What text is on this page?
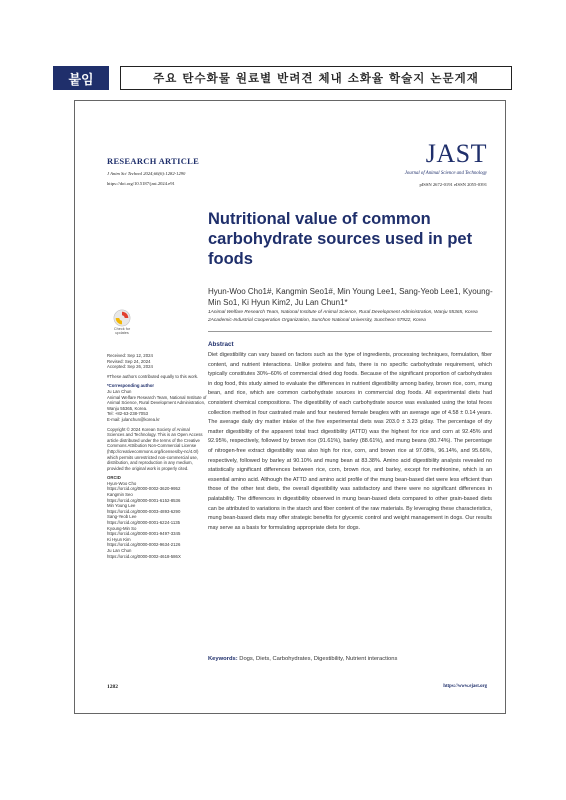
붙임	주요 탄수화물 원료별 반려견 체내 소화율 학술지 논문게재
RESEARCH ARTICLE
J Anim Sci Technol 2024;66(6):1282-1290
https://doi.org/10.5187/jast.2024.e91
JAST
Journal of Animal Science and Technology
pISSN 2672-0191 eISSN 2055-0391
Nutritional value of common carbohydrate sources used in pet foods
Hyun-Woo Cho1#, Kangmin Seo1#, Min Young Lee1, Sang-Yeob Lee1, Kyoung-Min So1, Ki Hyun Kim2, Ju Lan Chun1*
1Animal Welfare Research Team, National Institute of Animal Science, Rural Development Administration, Wanju 55365, Korea
2Academic-Industrial Cooperation Organization, Sunchon National University, Suncheon 57922, Korea
Abstract
Diet digestibility can vary based on factors such as the type of ingredients, processing techniques, formulation, fiber content, and nutrient interactions. Unlike proteins and fats, there is no specific carbohydrate requirement, which typically constitutes 30%–60% of commercial dried dog foods. Because of the significant proportion of carbohydrates in dog food, this study aimed to evaluate the differences in nutrient digestibility among barley, brown rice, corn, mung bean, and rice, which are common carbohydrate sources in commercial dog foods. All experimental diets had consistent chemical compositions. The digestibility of each carbohydrate source was evaluated using the total feces collection method in four castrated male and four neutered female beagles with an average age of 4.58 ± 0.14 years. The average daily dry matter intake of the five experimental diets was 203.0 ± 3.23 g/day. The percentage of dry matter digestibility of the apparent total tract digestibility (ATTD) was the highest for rice and corn at 92.45% and 92.95%, respectively, followed by brown rice (91.61%), barley (88.61%), and mung beans (80.74%). The percentage of nitrogen-free extract digestibility was also high for rice, corn, and brown rice at 97.08%, 96.14%, and 95.66%, respectively, followed by barley at 90.10% and mung bean at 83.38%. Amino acid digestibility analysis revealed no statistically significant differences between rice, corn, brown rice, and barley, except for methionine, which is an essential amino acid. Although the ATTD and amino acid profile of the mung bean-based diet were less efficient than those of the other test diets, the overall digestibility was satisfactory and there were no significant differences in palatability. The differences in digestibility observed in mung bean-based diets compared to other grain-based diets can be attributed to variations in the starch and fiber content of the raw materials. By leveraging these characteristics, mung bean-based diets may offer strategic benefits for glycemic control and weight management in dogs. Our results may serve as a basis for formulating appropriate diets for dogs.
Keywords: Dogs, Diets, Carbohydrates, Digestibility, Nutrient interactions
Check for updates

Received: Sep 12, 2024

Revised: Sep 24, 2024

Accepted: Sep 26, 2024

#These authors contributed equally to this work.

*Corresponding author

Ju Lan Chun

Animal Welfare Research Team, National Institute of Animal Science, Rural Development Administration, Wanju 55365, Korea.

Tel: +82-63-238-7053

E-mail: julanchun@korea.kr

Copyright © 2024 Korean Society of Animal Sciences and Technology. This is an Open Access article distributed under the terms of the Creative Commons Attribution Non-Commercial License (http://creativecommons.org/licenses/by-nc/4.0/) which permits unrestricted non-commercial use, distribution, and reproduction in any medium, provided the original work is properly cited.

ORCID

Hyun-Woo Cho

https://orcid.org/0000-0002-3620-9952

Kangmin Seo

https://orcid.org/0000-0001-6152-8536

Min Young Lee

https://orcid.org/0000-0003-4893-6290

Sang-Yeob Lee

https://orcid.org/0000-0001-6224-1135

Kyoung-Min So

https://orcid.org/0000-0001-9497-3345

Ki Hyun Kim

https://orcid.org/0000-0002-9634-2126

Ju Lan Chun

https://orcid.org/0000-0002-4618-586X

1282	https://www.ejast.org
